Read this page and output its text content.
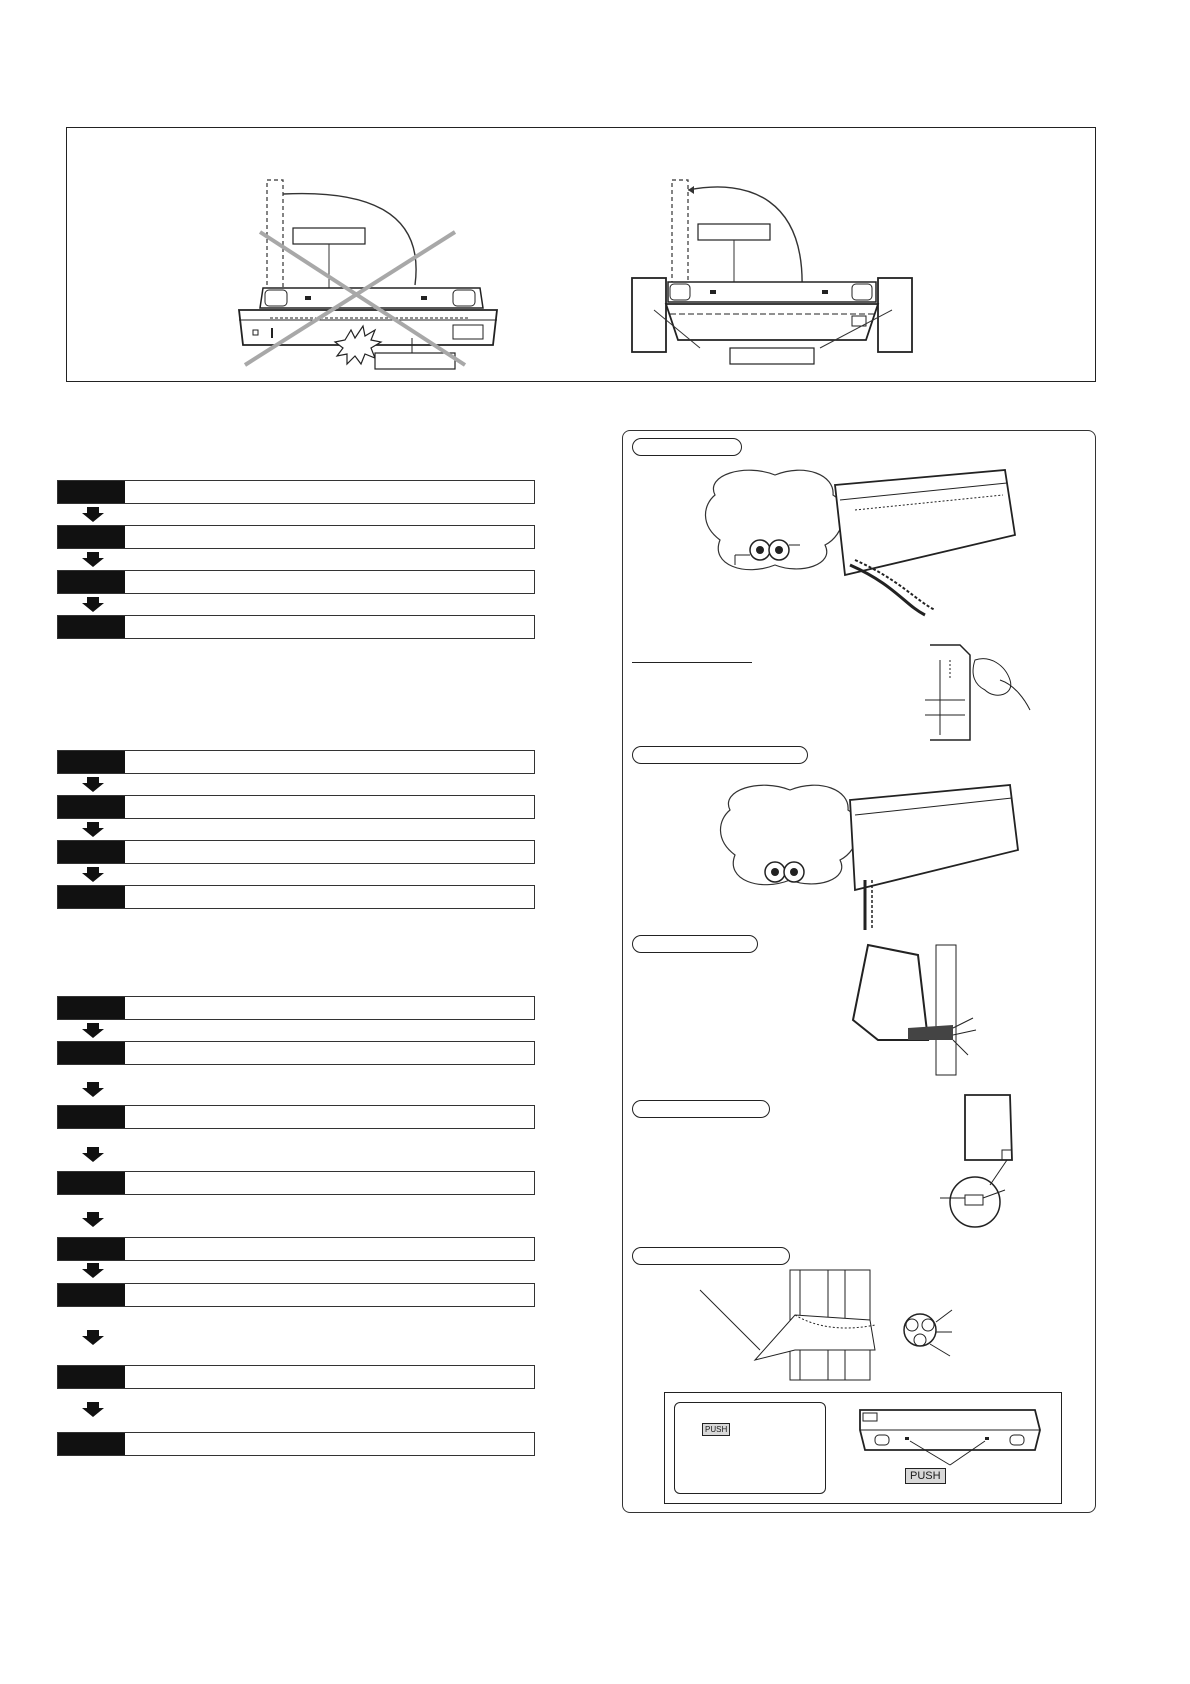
PUSH
PUSH
